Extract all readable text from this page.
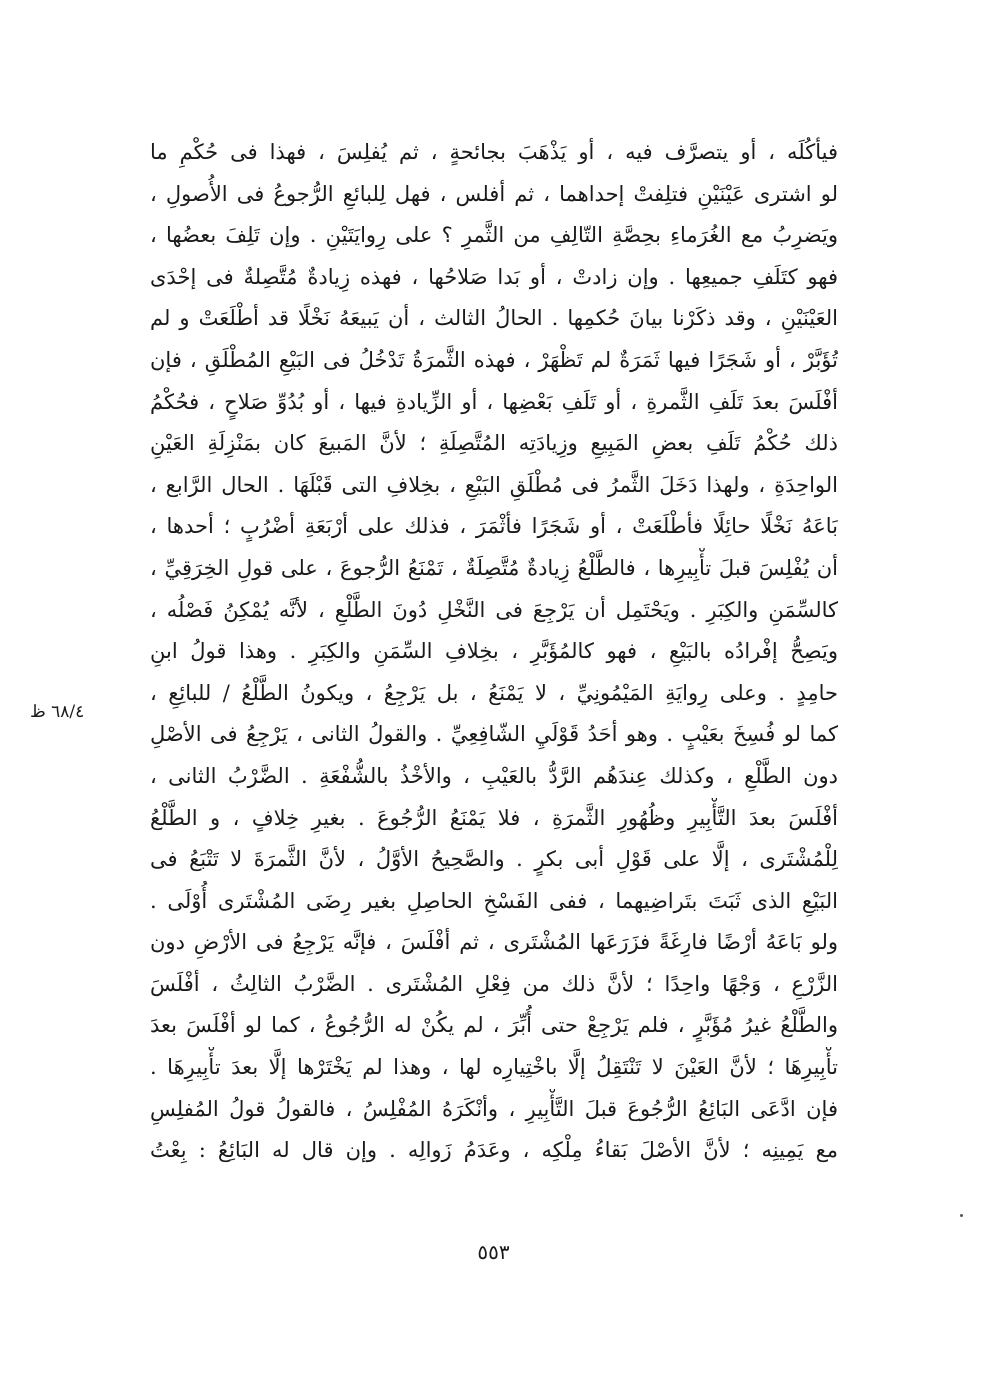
فيأكُلَه ، أو يتصرَّف فيه ، أو يَذْهَبَ بجائحةٍ ، ثم يُفلِسَ ، فهذا فى حُكْمِ ما
لو اشترى عَيْنَيْنِ فتلِفتْ إحداهما ، ثم أفلس ، فهل لِلبائعِ الرُّجوعُ فى الأُصولِ ،
ويَضرِبُ مع الغُرَماءِ بحِصَّةِ التّالِفِ من الثَّمرِ ؟ على رِوايَتَيْنِ . وإن تَلِفَ بعضُها ،
فهو كتَلَفِ جميعِها . وإن زادتْ ، أو بَدا صَلاحُها ، فهذه زِيادةٌ مُتَّصِلةٌ فى إحْدَى
العَيْنَيْنِ ، وقد ذكَرْنا بيانَ حُكمِها . الحالُ الثالث ، أن يَبيعَهُ نَخْلًا قد أطْلَعَتْ و لم
تُؤَبَّرْ ، أو شَجَرًا فيها ثَمَرَةٌ لم تَظْهَرْ ، فهذه الثَّمرَةُ تَدْخُلُ فى البَيْعِ المُطْلَقِ ، فإن
أفْلَسَ بعدَ تَلَفِ الثَّمرةِ ، أو تَلَفِ بَعْضِها ، أو الزِّيادةِ فيها ، أو بُدُوِّ صَلاحٍ ، فحُكْمُ
ذلك حُكْمُ تَلَفِ بعضِ المَبِيعِ وزِيادَتِه المُتَّصِلَةِ ؛ لأنَّ المَبيعَ كان بمَنْزِلَةِ العَيْنِ
الواحِدَةِ ، ولهذا دَخَلَ الثَّمرُ فى مُطْلَقِ البَيْعِ ، بخِلافِ التى قَبْلَهَا . الحال الرَّابع ،
بَاعَهُ نَخْلًا حائِلًا فأطْلَعَتْ ، أو شَجَرًا فأثْمَرَ ، فذلك على أرْبَعَةِ أضْرُبٍ ؛ أحدها ،
أن يُفْلِسَ قبلَ تأْبِيرِها ، فالطَّلْعُ زِيادةٌ مُتَّصِلَةٌ ، تَمْنَعُ الرُّجوعَ ، على قولِ الخِرَقِيِّ ،
كالسِّمَنِ والكِبَرِ . ويَحْتَمِل أن يَرْجِعَ فى النَّخْلِ دُونَ الطَّلْعِ ، لأنَّه يُمْكِنُ فَصْلُه ،
ويَصِحُّ إفْرادُه بالبَيْعِ ، فهو كالمُؤَبَّرِ ، بخِلافِ السِّمَنِ والكِبَرِ . وهذا قولُ ابنِ
حامِدٍ . وعلى رِوايَةِ المَيْمُونِيِّ ، لا يَمْنَعُ ، بل يَرْجِعُ ، ويكونُ الطَّلْعُ / للبائِعِ ،
كما لو فُسِخَ بعَيْبٍ . وهو أحَدُ قَوْلَيِ الشّافِعِيِّ . والقولُ الثانى ، يَرْجِعُ فى الأصْلِ
دون الطَّلْعِ ، وكذلك عِندَهُم الرَّدُّ بالعَيْبِ ، والأخْذُ بالشُّفْعَةِ . الضَّرْبُ الثانى ،
أفْلَسَ بعدَ التَّأْبِيرِ وظُهُورِ الثَّمرَةِ ، فلا يَمْنَعُ الرُّجُوعَ . بغيرِ خِلافٍ ، و الطَّلْعُ
لِلْمُشْتَرى ، إلَّا على قَوْلِ أبى بكرٍ . والصَّحِيحُ الأوَّلُ ، لأنَّ الثَّمرَةَ لا تَتْبَعُ فى
البَيْعِ الذى ثَبَتَ بتَراضِيهما ، ففى الفَسْخِ الحاصِلِ بغير رِضَى المُشْتَرى أُوْلَى .
ولو بَاعَهُ أرْضًا فارِغَةً فزَرَعَها المُشْتَرى ، ثم أفْلَسَ ، فإنَّه يَرْجِعُ فى الأرْضِ دون
الزَّرْعِ ، وَجْهًا واحِدًا ؛ لأنَّ ذلك من فِعْلِ المُشْتَرى . الضَّرْبُ الثالِثُ ، أفْلَسَ
والطَّلْعُ غيرُ مُؤَبَّرٍ ، فلم يَرْجِعْ حتى أُبِّرَ ، لم يكُنْ له الرُّجُوعُ ، كما لو أفْلَسَ بعدَ
تأْبِيرِهَا ؛ لأنَّ العَيْنَ لا تَنْتَقِلُ إلَّا باخْتِيارِه لها ، وهذا لم يَخْتَرْها إلَّا بعدَ تأْبِيرِهَا .
فإن ادَّعَى البَائِعُ الرُّجُوعَ قبلَ التَّأْبِيرِ ، وأنْكَرَهُ المُفْلِسُ ، فالقولُ قولُ المُفلِسِ
مع يَمِينِه ؛ لأنَّ الأصْلَ بَقاءُ مِلْكِه ، وعَدَمُ زَوالِه . وإن قال له البَائِعُ : بِعْتُ
٦٨/٤ ظ
٥٥٣
